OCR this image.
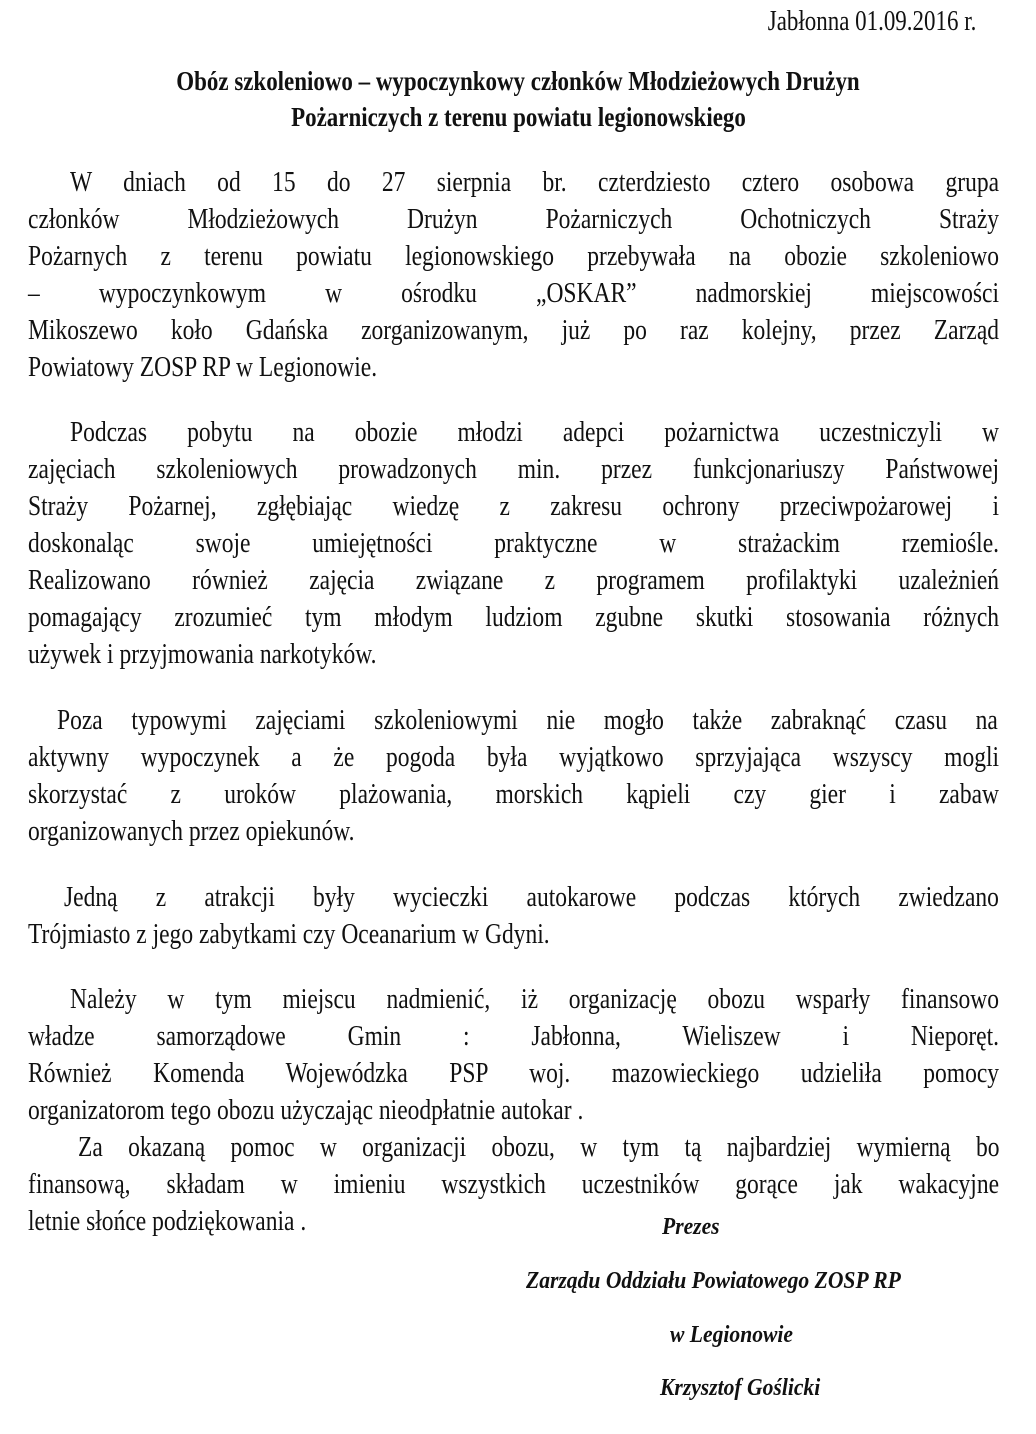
Jabłonna 01.09.2016 r.
Obóz szkoleniowo – wypoczynkowy członków Młodzieżowych Drużyn
Pożarniczych z terenu powiatu legionowskiego
W dniach od 15 do 27 sierpnia br. czterdziesto cztero osobowa grupa
członków Młodzieżowych Drużyn Pożarniczych Ochotniczych Straży
Pożarnych z terenu powiatu legionowskiego przebywała na obozie szkoleniowo
– wypoczynkowym w ośrodku „OSKAR” nadmorskiej miejscowości
Mikoszewo koło Gdańska zorganizowanym, już po raz kolejny, przez Zarząd
Powiatowy ZOSP RP w Legionowie.
Podczas pobytu na obozie młodzi adepci pożarnictwa uczestniczyli w
zajęciach szkoleniowych prowadzonych min. przez funkcjonariuszy Państwowej
Straży Pożarnej, zgłębiając wiedzę z zakresu ochrony przeciwpożarowej i
doskonaląc swoje umiejętności praktyczne w strażackim rzemiośle.
Realizowano również zajęcia związane z programem profilaktyki uzależnień
pomagający zrozumieć tym młodym ludziom zgubne skutki stosowania różnych
używek i przyjmowania narkotyków.
Poza typowymi zajęciami szkoleniowymi nie mogło także zabraknąć czasu na
aktywny wypoczynek a że pogoda była wyjątkowo sprzyjająca wszyscy mogli
skorzystać z uroków plażowania, morskich kąpieli czy gier i zabaw
organizowanych przez opiekunów.
Jedną z atrakcji były wycieczki autokarowe podczas których zwiedzano
Trójmiasto z jego zabytkami czy Oceanarium w Gdyni.
Należy w tym miejscu nadmienić, iż organizację obozu wsparły finansowo
władze samorządowe Gmin : Jabłonna, Wieliszew i Nieporęt.
Również Komenda Wojewódzka PSP woj. mazowieckiego udzieliła pomocy
organizatorom tego obozu użyczając nieodpłatnie autokar .
Za okazaną pomoc w organizacji obozu, w tym tą najbardziej wymierną bo
finansową, składam w imieniu wszystkich uczestników gorące jak wakacyjne
letnie słońce podziękowania .	Prezes
Zarządu Oddziału Powiatowego ZOSP RP
w Legionowie
Krzysztof Goślicki
